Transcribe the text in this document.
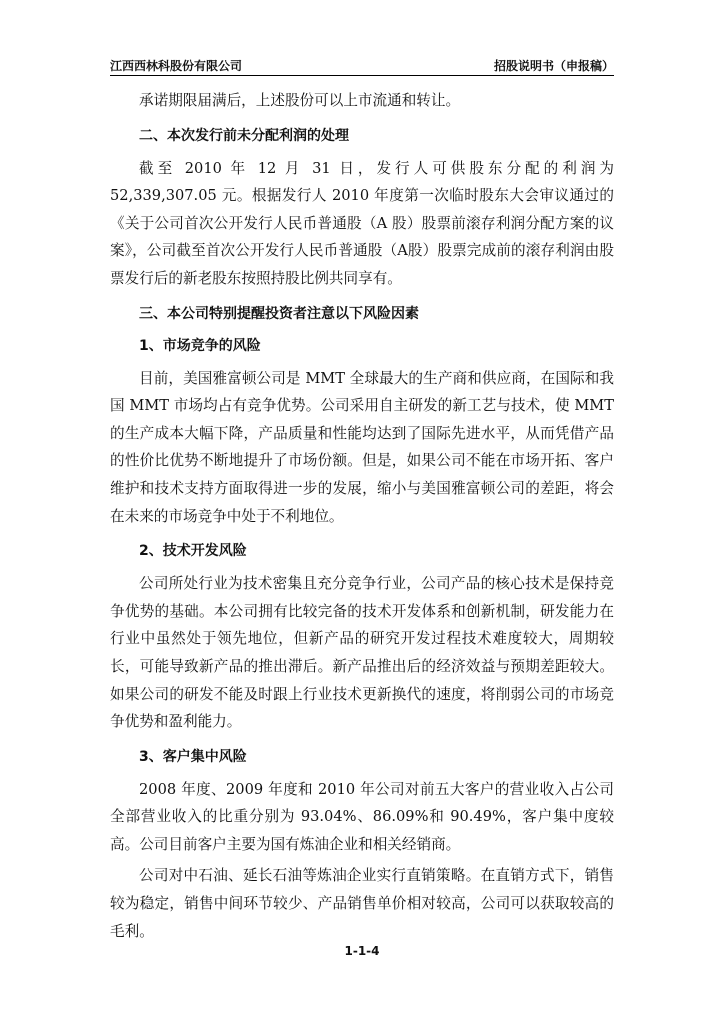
江西西林科股份有限公司	招股说明书（申报稿）

承诺期限届满后，上述股份可以上市流通和转让。

二、本次发行前未分配利润的处理

截至 2010 年 12 月 31 日，发行人可供股东分配的利润为 52,339,307.05 元。根据发行人 2010 年度第一次临时股东大会审议通过的《关于公司首次公开发行人民币普通股（A 股）股票前滚存利润分配方案的议案》，公司截至首次公开发行人民币普通股（A股）股票完成前的滚存利润由股票发行后的新老股东按照持股比例共同享有。

三、本公司特别提醒投资者注意以下风险因素
1、市场竞争的风险

目前，美国雅富顿公司是 MMT 全球最大的生产商和供应商，在国际和我国 MMT 市场均占有竞争优势。公司采用自主研发的新工艺与技术，使 MMT 的生产成本大幅下降，产品质量和性能均达到了国际先进水平，从而凭借产品的性价比优势不断地提升了市场份额。但是，如果公司不能在市场开拓、客户维护和技术支持方面取得进一步的发展，缩小与美国雅富顿公司的差距，将会在未来的市场竞争中处于不利地位。

2、技术开发风险

公司所处行业为技术密集且充分竞争行业，公司产品的核心技术是保持竞争优势的基础。本公司拥有比较完备的技术开发体系和创新机制，研发能力在行业中虽然处于领先地位，但新产品的研究开发过程技术难度较大，周期较长，可能导致新产品的推出滞后。新产品推出后的经济效益与预期差距较大。如果公司的研发不能及时跟上行业技术更新换代的速度，将削弱公司的市场竞争优势和盈利能力。

3、客户集中风险

2008 年度、2009 年度和 2010 年公司对前五大客户的营业收入占公司全部营业收入的比重分别为 93.04%、86.09%和 90.49%，客户集中度较高。公司目前客户主要为国有炼油企业和相关经销商。

公司对中石油、延长石油等炼油企业实行直销策略。在直销方式下，销售较为稳定，销售中间环节较少、产品销售单价相对较高，公司可以获取较高的毛利。

1-1-4
